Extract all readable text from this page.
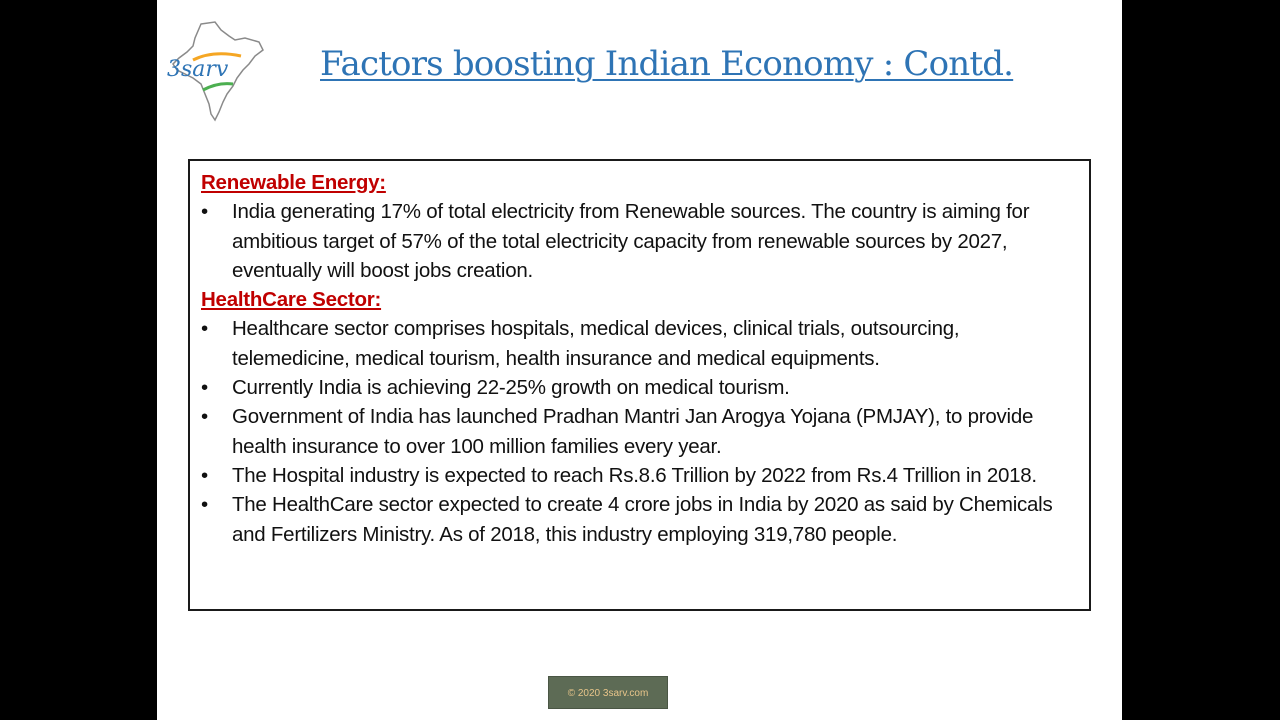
3sarv	Factors boosting Indian Economy : Contd.
Renewable Energy:
• India generating 17% of total electricity from Renewable sources. The country is aiming for ambitious target of 57% of the total electricity capacity from renewable sources by 2027, eventually will boost jobs creation.
HealthCare Sector:
• Healthcare sector comprises hospitals, medical devices, clinical trials, outsourcing, telemedicine, medical tourism, health insurance and medical equipments.
• Currently India is achieving 22-25% growth on medical tourism.
• Government of India has launched Pradhan Mantri Jan Arogya Yojana (PMJAY), to provide health insurance to over 100 million families every year.
• The Hospital industry is expected to reach Rs.8.6 Trillion by 2022 from Rs.4 Trillion in 2018.
• The HealthCare sector expected to create 4 crore jobs in India by 2020 as said by Chemicals and Fertilizers Ministry. As of 2018, this industry employing 319,780 people.
© 2020 3sarv.com
